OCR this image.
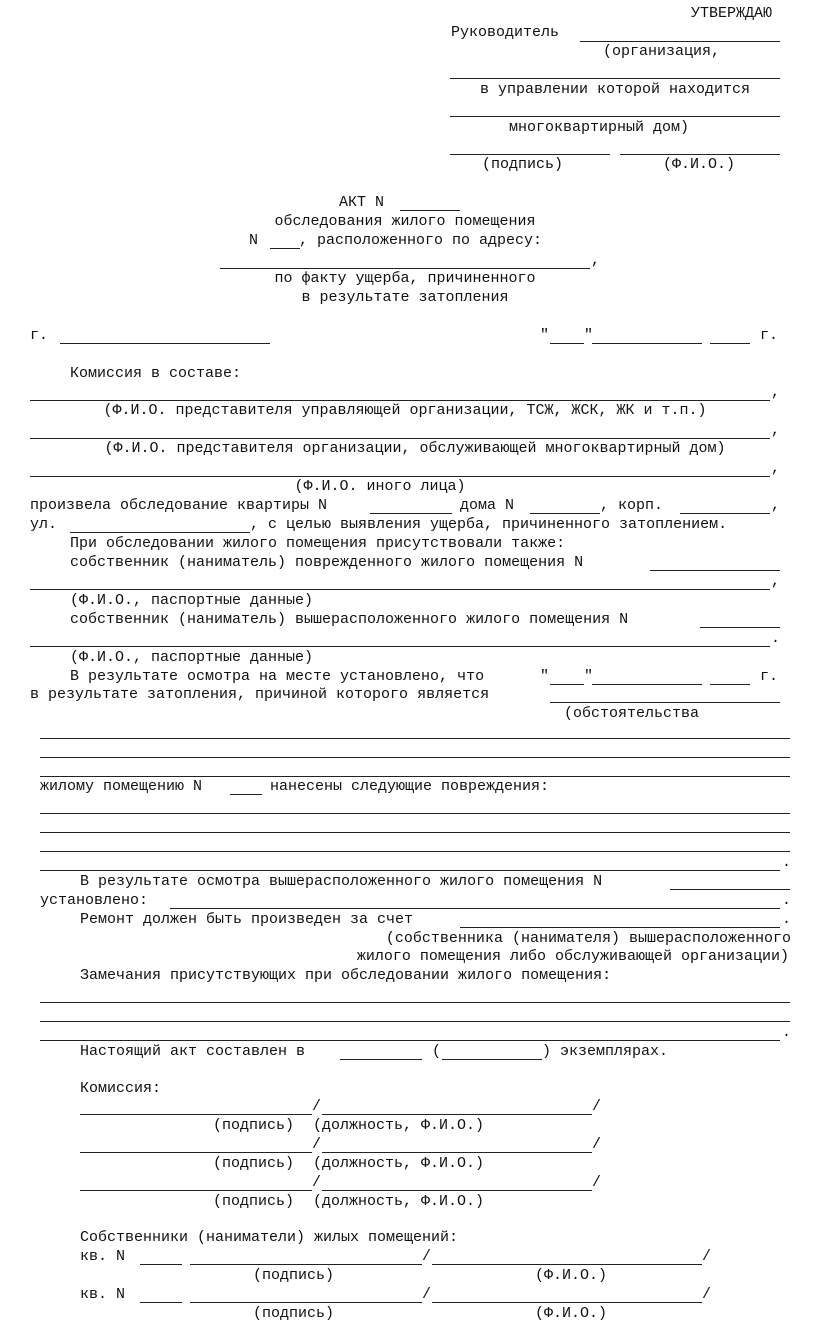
УТВЕРЖДАЮ
Руководитель
(организация,
в управлении которой находится
многоквартирный дом)
(подпись)	(Ф.И.О.)
АКТ N
обследования жилого помещения
N	, расположенного по адресу:
,
по факту ущерба, причиненного
в результате затопления
г.	" "	г.
Комиссия в составе:
,
(Ф.И.О. представителя управляющей организации, ТСЖ, ЖСК, ЖК и т.п.)
,
(Ф.И.О. представителя организации, обслуживающей многоквартирный дом)
,
(Ф.И.О. иного лица)
произвела обследование квартиры N	дома N	, корп.	,
ул.	, с целью выявления ущерба, причиненного затоплением.
При обследовании жилого помещения присутствовали также:
собственник (наниматель) поврежденного жилого помещения N
,
(Ф.И.О., паспортные данные)
собственник (наниматель) вышерасположенного жилого помещения N
.
(Ф.И.О., паспортные данные)
В результате осмотра на месте установлено, что	" "	г.
в результате затопления, причиной которого является
(обстоятельства
жилому помещению N	нанесены следующие повреждения:
.
В результате осмотра вышерасположенного жилого помещения N
установлено:	.
Ремонт должен быть произведен за счет	.
(собственника (нанимателя) вышерасположенного
жилого помещения либо обслуживающей организации)
Замечания присутствующих при обследовании жилого помещения:
.
Настоящий акт составлен в	(	) экземплярах.
Комиссия:
/	/
(подпись) (должность, Ф.И.О.)
/	/
(подпись) (должность, Ф.И.О.)
/	/
(подпись) (должность, Ф.И.О.)
Собственники (наниматели) жилых помещений:
кв. N	/	/
(подпись)	(Ф.И.О.)
кв. N	/	/
(подпись)	(Ф.И.О.)
